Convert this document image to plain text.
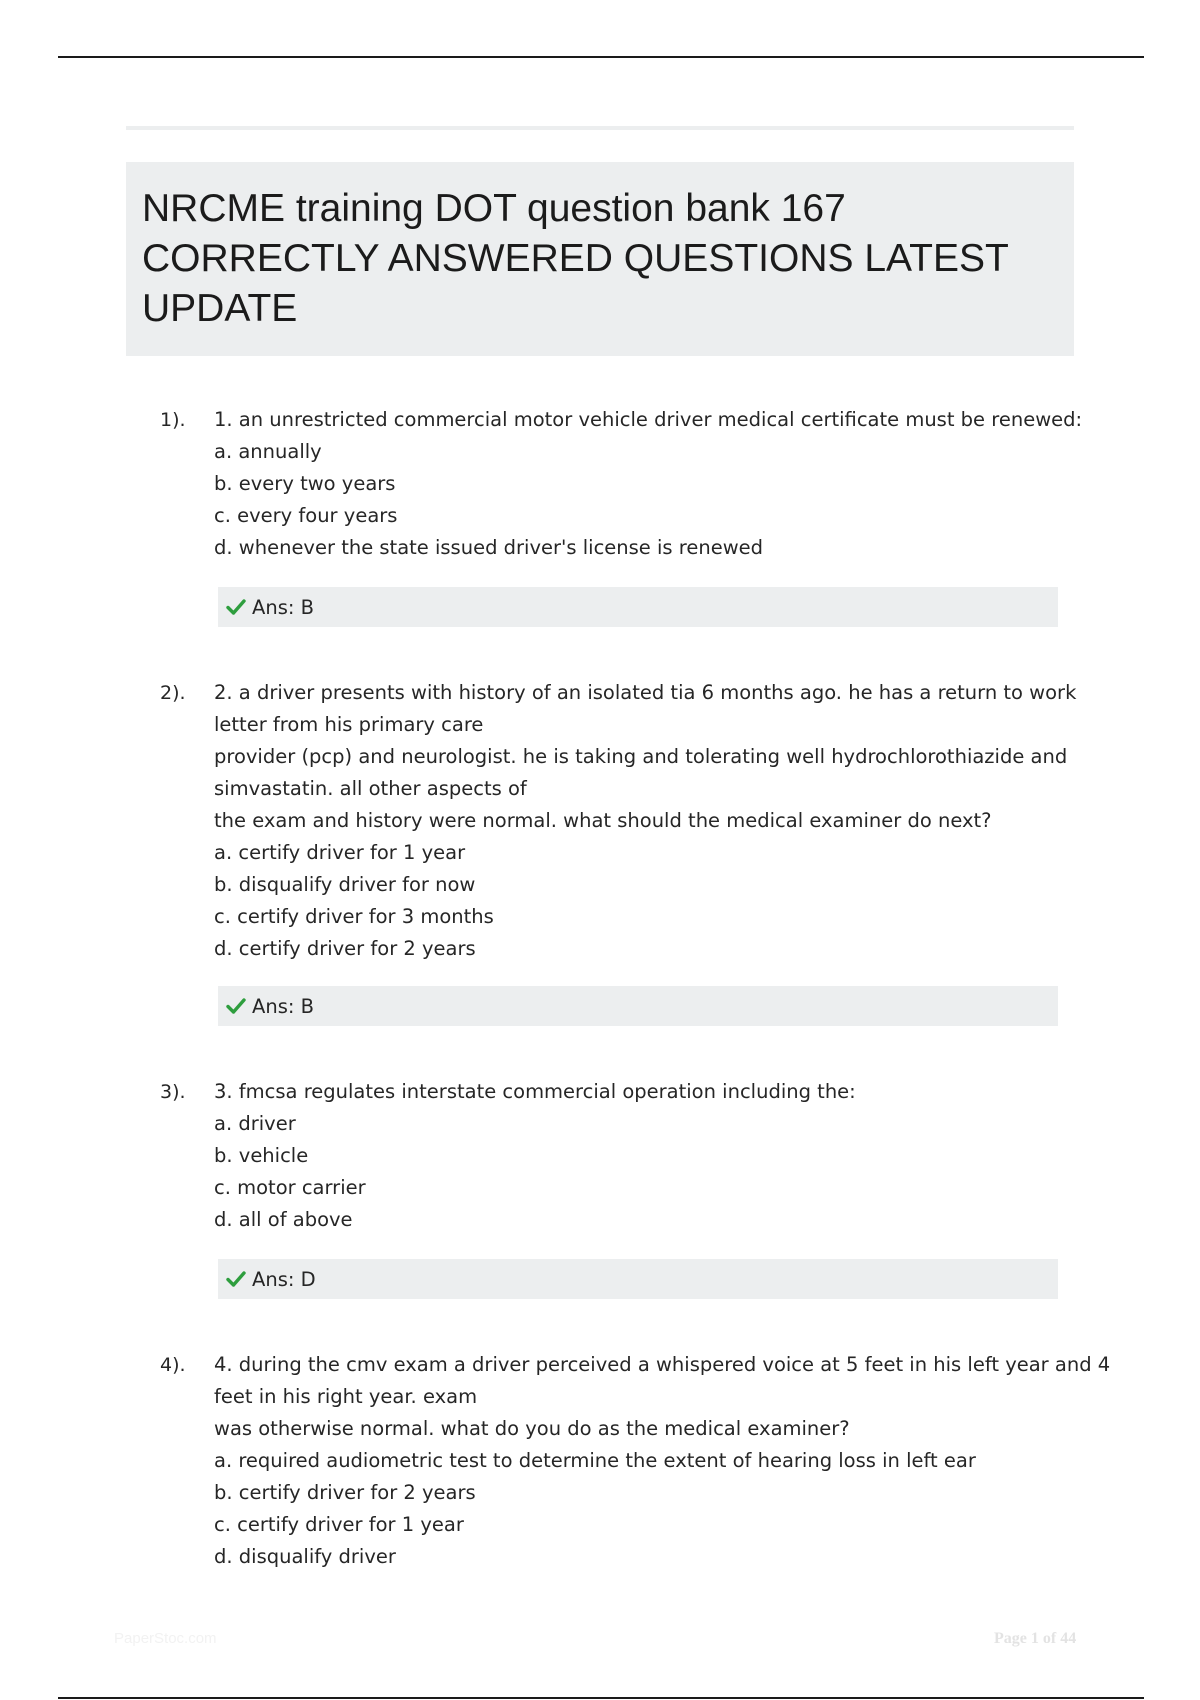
NRCME training DOT question bank 167 CORRECTLY ANSWERED QUESTIONS LATEST UPDATE
1). 1. an unrestricted commercial motor vehicle driver medical certificate must be renewed:
a. annually
b. every two years
c. every four years
d. whenever the state issued driver's license is renewed
Ans: B
2). 2. a driver presents with history of an isolated tia 6 months ago. he has a return to work
letter from his primary care
provider (pcp) and neurologist. he is taking and tolerating well hydrochlorothiazide and
simvastatin. all other aspects of
the exam and history were normal. what should the medical examiner do next?
a. certify driver for 1 year
b. disqualify driver for now
c. certify driver for 3 months
d. certify driver for 2 years
Ans: B
3). 3. fmcsa regulates interstate commercial operation including the:
a. driver
b. vehicle
c. motor carrier
d. all of above
Ans: D
4). 4. during the cmv exam a driver perceived a whispered voice at 5 feet in his left year and 4
feet in his right year. exam
was otherwise normal. what do you do as the medical examiner?
a. required audiometric test to determine the extent of hearing loss in left ear
b. certify driver for 2 years
c. certify driver for 1 year
d. disqualify driver
PaperStoc.com	Page 1 of 44
